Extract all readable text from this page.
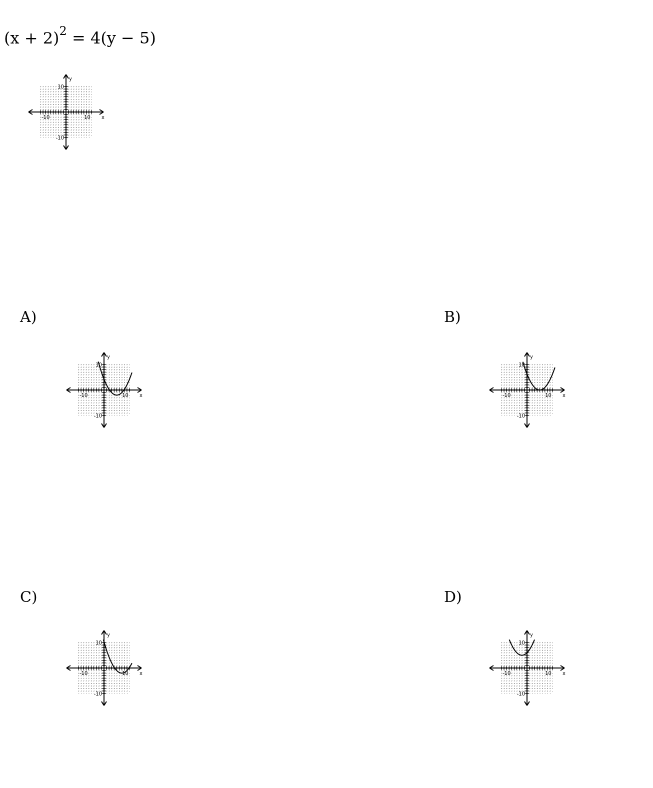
$(x + 2)^2 = 4(y - 5)$
-10	10 x
10
-10
y
A)
-10	10 x
10
-10
y
B)
-10	10 x
10
-10
y
C)
-10	10 x
10
-10
y
D)
-10	10 x
10
-10
y
